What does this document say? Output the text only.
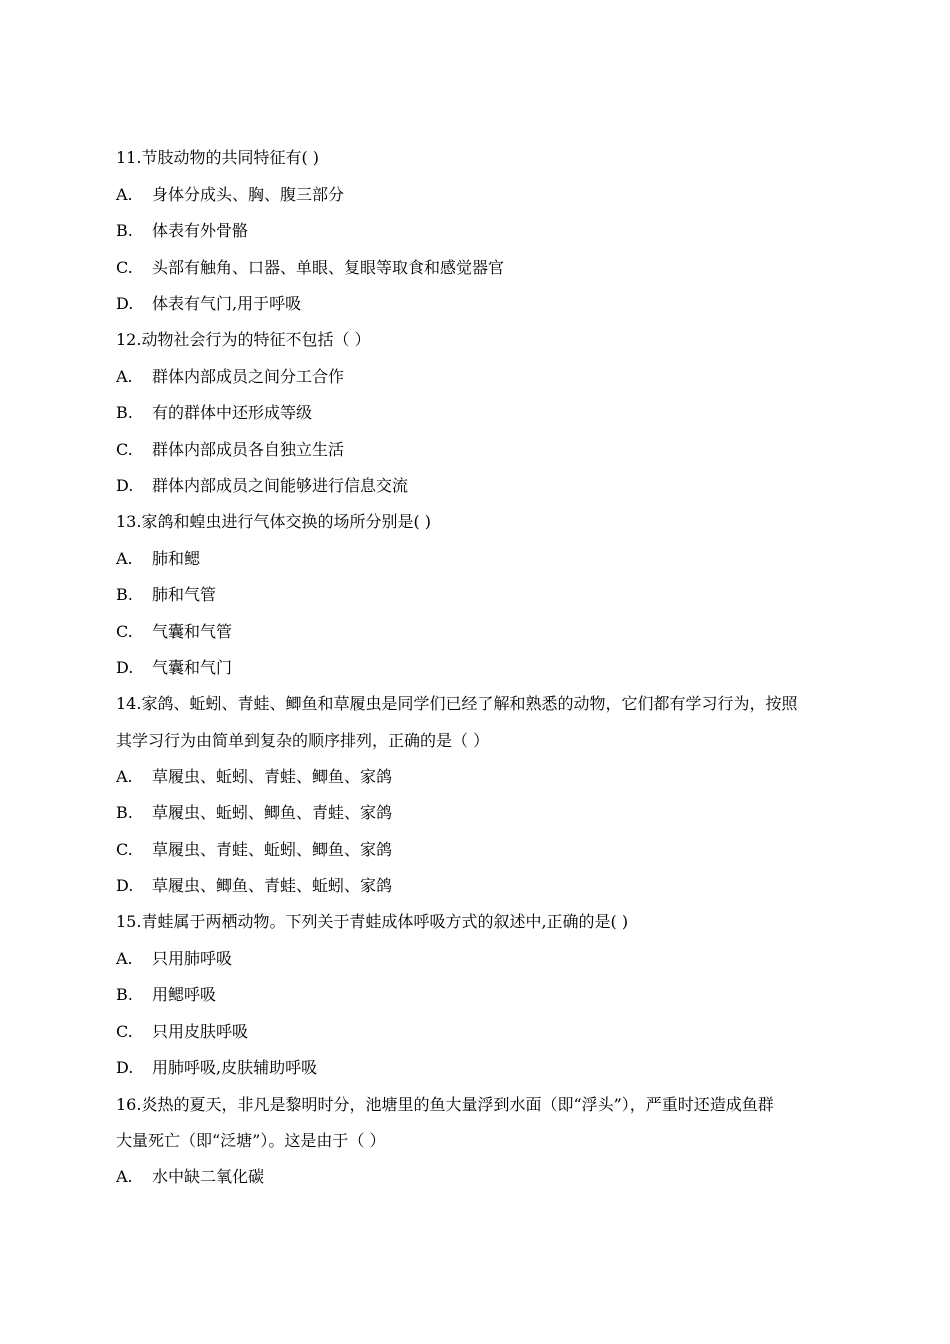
11.节肢动物的共同特征有( )
A. 身体分成头、胸、腹三部分
B. 体表有外骨骼
C. 头部有触角、口器、单眼、复眼等取食和感觉器官
D. 体表有气门,用于呼吸
12.动物社会行为的特征不包括（ ）
A. 群体内部成员之间分工合作
B. 有的群体中还形成等级
C. 群体内部成员各自独立生活
D. 群体内部成员之间能够进行信息交流
13.家鸽和蝗虫进行气体交换的场所分别是( )
A. 肺和鳃
B. 肺和气管
C. 气囊和气管
D. 气囊和气门
14.家鸽、蚯蚓、青蛙、鲫鱼和草履虫是同学们已经了解和熟悉的动物，它们都有学习行为，按照
其学习行为由简单到复杂的顺序排列，正确的是（ ）
A. 草履虫、蚯蚓、青蛙、鲫鱼、家鸽
B. 草履虫、蚯蚓、鲫鱼、青蛙、家鸽
C. 草履虫、青蛙、蚯蚓、鲫鱼、家鸽
D. 草履虫、鲫鱼、青蛙、蚯蚓、家鸽
15.青蛙属于两栖动物。下列关于青蛙成体呼吸方式的叙述中,正确的是( )
A. 只用肺呼吸
B. 用鳃呼吸
C. 只用皮肤呼吸
D. 用肺呼吸,皮肤辅助呼吸
16.炎热的夏天，非凡是黎明时分，池塘里的鱼大量浮到水面（即“浮头”），严重时还造成鱼群
大量死亡（即“泛塘”）。这是由于（ ）
A. 水中缺二氧化碳
